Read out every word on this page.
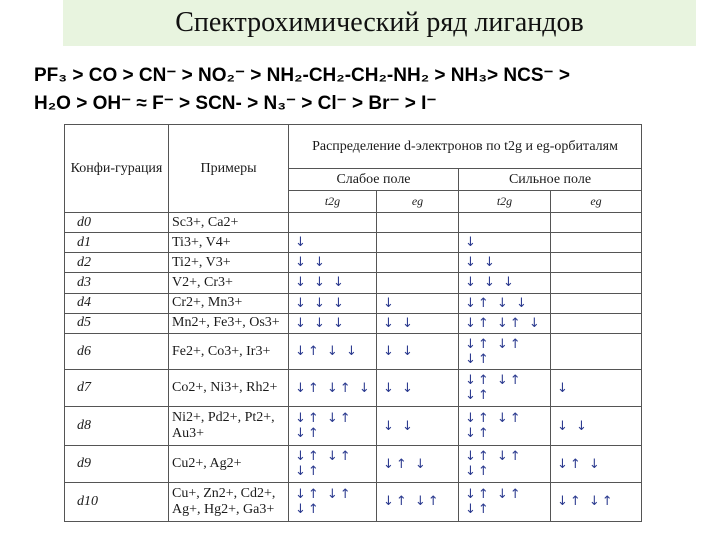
Спектрохимический ряд лигандов
PF₃ > CO > CN⁻ > NO₂⁻ > NH₂-CH₂-CH₂-NH₂ > NH₃> NCS⁻ >
H₂O > OH⁻ ≈ F⁻ > SCN- > N₃⁻ > Cl⁻ > Br⁻ > I⁻
Конфи-гурация	Примеры	Распределение d-электронов по t2g и eg-орбиталям			
		Слабое поле		Сильное поле	
		t2g	eg	t2g	eg
d0	Sc3+, Ca2+				
d1	Ti3+, V4+	↓		↓	
d2	Ti2+, V3+	↓ ↓		↓ ↓	
d3	V2+, Cr3+	↓ ↓ ↓		↓ ↓ ↓	
d4	Cr2+, Mn3+	↓ ↓ ↓	↓	↓↑ ↓ ↓	
d5	Mn2+, Fe3+, Os3+	↓ ↓ ↓	↓ ↓	↓↑ ↓↑ ↓	
d6	Fe2+, Co3+, Ir3+	↓↑ ↓ ↓	↓ ↓	↓↑ ↓↑ ↓↑	
d7	Co2+, Ni3+, Rh2+	↓↑ ↓↑ ↓	↓ ↓	↓↑ ↓↑ ↓↑	↓
d8	Ni2+, Pd2+, Pt2+, Au3+	↓↑ ↓↑ ↓↑	↓ ↓	↓↑ ↓↑ ↓↑	↓ ↓
d9	Cu2+, Ag2+	↓↑ ↓↑ ↓↑	↓↑ ↓	↓↑ ↓↑ ↓↑	↓↑ ↓
d10	Cu+, Zn2+, Cd2+, Ag+, Hg2+, Ga3+	↓↑ ↓↑ ↓↑	↓↑ ↓↑	↓↑ ↓↑ ↓↑	↓↑ ↓↑
